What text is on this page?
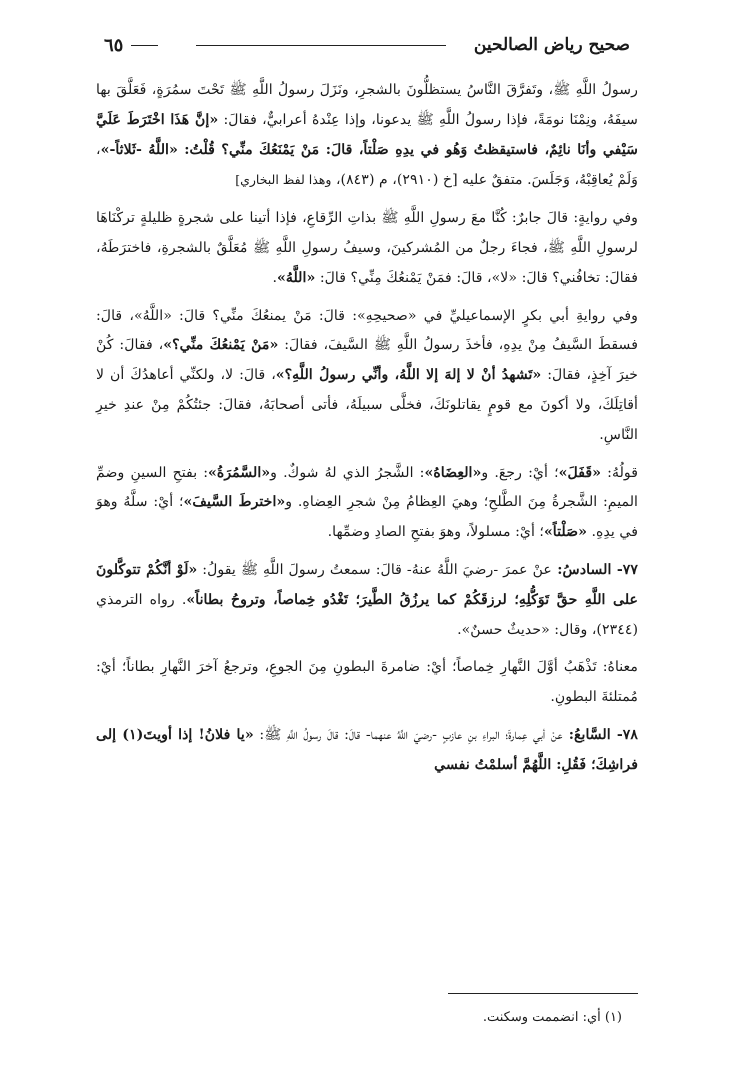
صحيح رياض الصالحين
٦٥

رسولُ اللَّهِ ﷺ، وتَفرَّقَ النَّاسُ يستظلُّونَ بالشجرِ، ونَزَلَ رسولُ اللَّهِ ﷺ تَحْتَ سمُرَةٍ، فَعَلَّقَ بها سيفَهُ، ونِمْنَا نومَةً، فإذا رسولُ اللَّهِ ﷺ يدعونا، وإذا عِنْدهُ أعرابيٌّ، فقالَ: «إنَّ هَذَا اخْتَرَطَ عَلَيَّ سَيْفي وأنَا نائِمٌ، فاستيقظتُ وَهُو في يدِهِ صَلْتاً، قالَ: مَنْ يَمْنَعُكَ منِّي؟ قُلْتُ: «اللَّهُ -ثَلاثاً-»، وَلَمْ يُعاقِبْهُ، وَجَلَسَ. متفقٌ عليه [خ (٢٩١٠)، م (٨٤٣)، وهذا لفظ البخاري]

وفي روايةٍ: قالَ جابرٌ: كُنَّا معَ رسولِ اللَّهِ ﷺ بذاتِ الرِّقاعِ، فإذا أتينا على شجرةٍ ظليلةٍ تركْنَاهَا لرسولِ اللَّهِ ﷺ، فجاءَ رجلٌ من المُشركينَ، وسيفُ رسولِ اللَّهِ ﷺ مُعَلَّقٌ بالشجرةِ، فاخترَطَهُ، فقالَ: تخافُني؟ قالَ: «لا»، قالَ: فمَنْ يَمْنعُكَ مِنِّي؟ قالَ: «اللَّهُ».

وفي روايةِ أبي بكرٍ الإسماعيليِّ في «صحيحِهِ»: قالَ: مَنْ يمنعُكَ منِّي؟ قالَ: «اللَّهُ»، قالَ: فسقطَ السَّيفُ مِنْ يدِهِ، فأخذَ رسولُ اللَّهِ ﷺ السَّيفَ، فقالَ: «مَنْ يَمْنعُكَ منِّي؟»، فقالَ: كُنْ خيرَ آخِذٍ، فقالَ: «تَشهدُ أنْ لا إلهَ إلا اللَّهُ، وأنِّي رسولُ اللَّهِ؟»، قالَ: لا، ولكنِّي أعاهدُكَ أن لا أقاتِلَكَ، ولا أكونَ مع قومٍ يقاتلونَكَ، فخلَّى سبيلَهُ، فأتى أصحابَهُ، فقالَ: جئتُكُمْ مِنْ عندِ خيرِ النَّاسِ.

قولُهُ: «قَفَلَ»؛ أيْ: رجعَ. و«العِضَاهُ»: الشَّجرُ الذي لهُ شوكٌ. و«السَّمُرَةُ»: بفتحِ السينِ وضمِّ الميمِ: الشَّجرةُ مِنَ الطَّلحِ؛ وهيَ العِظامُ مِنْ شجرِ العِضاهِ. و«اخترطَ السَّيفَ»؛ أيْ: سلَّهُ وهوَ في يدِهِ. «صَلْتاً»؛ أيْ: مسلولاً، وهوَ بفتحِ الصادِ وضمِّها.

٧٧- السادسُ: عنْ عمرَ -رضيَ اللَّهُ عنهُ- قالَ: سمعتُ رسولَ اللَّهِ ﷺ يقولُ: «لَوْ أنَّكُمْ تتوكَّلونَ على اللَّهِ حقَّ تَوَكُّلِهِ؛ لرزقَكُمْ كما يرزُقُ الطَّيرَ؛ تَغْدُو خِماصاً، وتروحُ بطاناً». رواه الترمذي (٢٣٤٤)، وقال: «حديثٌ حسنٌ».

معناهُ: تَذْهَبُ أوَّلَ النَّهارِ خِماصاً؛ أيْ: ضامرةَ البطونِ مِنَ الجوعِ، وترجعُ آخرَ النَّهارِ بطاناً؛ أيْ: مُمتلئةَ البطونِ.

٧٨- السَّابعُ: عنْ أبي عِمارةَ؛ البراءِ بنِ عازبٍ -رضيَ اللَّهُ عنهما- قالَ: قالَ رسولُ اللَّهِ ﷺ: «يا فلانُ! إذا أويتَ(١) إلى فراشِكَ؛ فَقُلِ: اللَّهُمَّ أسلمْتُ نفسي

(١) أي: انضممت وسكنت.
